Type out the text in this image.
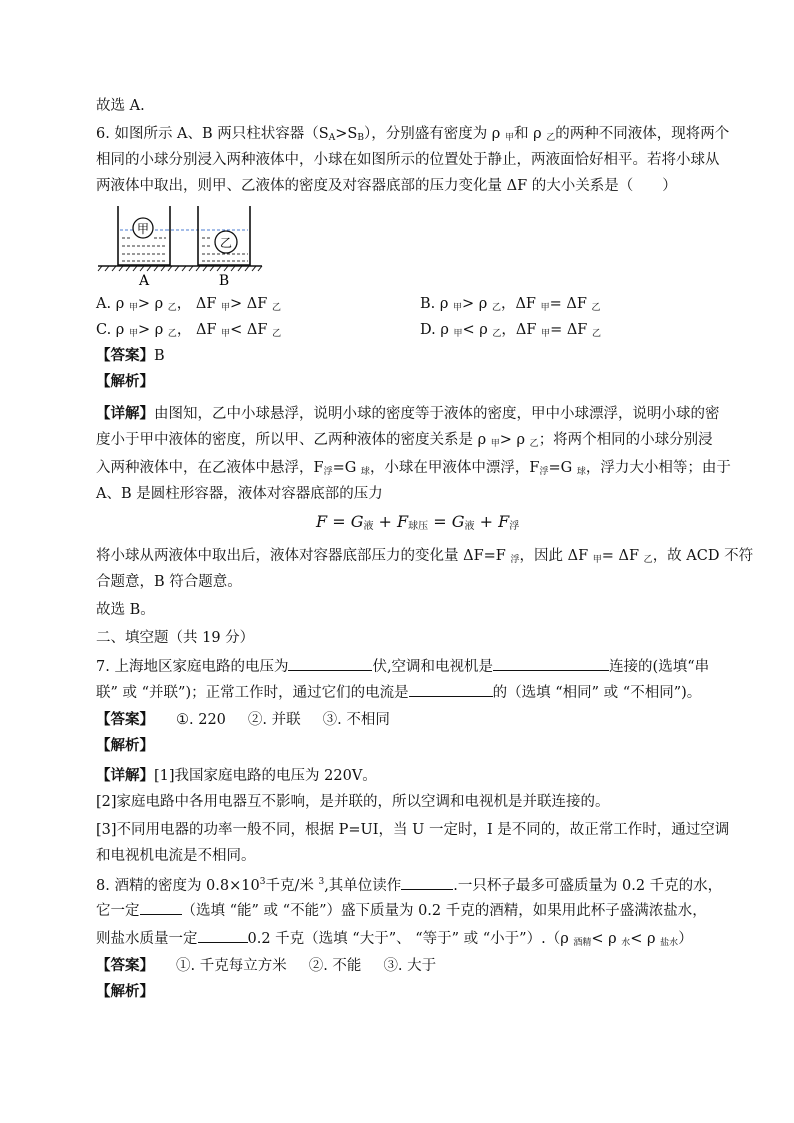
故选 A.
6. 如图所示 A、B 两只柱状容器$(S_A>S_B)$，分别盛有密度为 ρ $_甲$和 ρ $_乙$的两种不同液体，现将两个
相同的小球分别浸入两种液体中，小球在如图所示的位置处于静止，两液面恰好相平。若将小球从
两液体中取出，则甲、乙液体的密度及对容器底部的压力变化量 ΔF 的大小关系是（　　）
甲
乙
A	B
A. ρ $_甲$> ρ $_乙$， ΔF $_甲$> ΔF $_乙$	B. ρ $_甲$> ρ $_乙$，ΔF $_甲$= ΔF $_乙$
C. ρ $_甲$> ρ $_乙$， ΔF $_甲$< ΔF $_乙$	D. ρ $_甲$< ρ $_乙$，ΔF $_甲$= ΔF $_乙$
【答案】B
【解析】
【详解】由图知，乙中小球悬浮，说明小球的密度等于液体的密度，甲中小球漂浮，说明小球的密
度小于甲中液体的密度，所以甲、乙两种液体的密度关系是 ρ $_甲$> ρ $_乙$；将两个相同的小球分别浸
入两种液体中，在乙液体中悬浮，$F_浮=G$ $_球$，小球在甲液体中漂浮，$F_浮=G$ $_球$，浮力大小相等；由于
A、B 是圆柱形容器，液体对容器底部的压力
$F = G_液 + F_{球压} = G_液 + F_浮$
将小球从两液体中取出后，液体对容器底部压力的变化量 ΔF=F $_浮$，因此 ΔF $_甲$= ΔF $_乙$，故 ACD 不符
合题意，B 符合题意。
故选 B。
二、填空题（共 19 分）
7. 上海地区家庭电路的电压为	伏,空调和电视机是	连接的(选填“串
联” 或 “并联”)；正常工作时，通过它们的电流是	的（选填 “相同” 或 “不相同”)。
【答案】 ①. 220 ②. 并联 ③. 不相同
【解析】
【详解】[1]我国家庭电路的电压为 220V。
[2]家庭电路中各用电器互不影响，是并联的，所以空调和电视机是并联连接的。
[3]不同用电器的功率一般不同，根据 P=UI，当 U 一定时，I 是不同的，故正常工作时，通过空调
和电视机电流是不相同。
8. 酒精的密度为 $0.8\times 10^3$千克/米 $^3$,其单位读作	.一只杯子最多可盛质量为 0.2 千克的水，
它一定	（选填 “能” 或 “不能”）盛下质量为 0.2 千克的酒精，如果用此杯子盛满浓盐水，
则盐水质量一定	0.2 千克（选填 “大于”、 “等于” 或 “小于”）.（ρ $_{酒精}$< ρ $_水$< ρ $_{盐水}$）
【答案】 ①. 千克每立方米 ②. 不能 ③. 大于
【解析】
